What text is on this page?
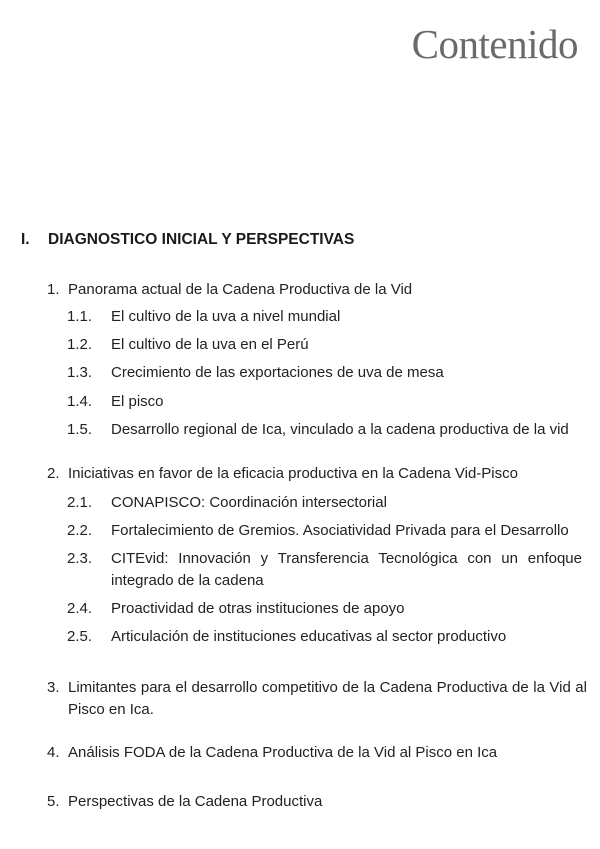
Contenido
I. DIAGNOSTICO INICIAL Y PERSPECTIVAS
1. Panorama actual de la Cadena Productiva de la Vid
1.1.	El cultivo de la uva a nivel mundial
1.2.	El cultivo de la uva en el Perú
1.3.	Crecimiento de las exportaciones de uva de mesa
1.4.	El pisco
1.5.	Desarrollo regional de Ica, vinculado a la cadena productiva de la vid
2. Iniciativas en favor de la eficacia productiva en la Cadena Vid-Pisco
2.1.	CONAPISCO: Coordinación intersectorial
2.2.	Fortalecimiento de Gremios. Asociatividad Privada para el Desarrollo
2.3.	CITEvid: Innovación y Transferencia Tecnológica con un enfoque integrado de la cadena
2.4.	Proactividad de otras instituciones de apoyo
2.5.	Articulación de instituciones educativas al sector productivo
3. Limitantes para el desarrollo competitivo de la Cadena Productiva de la Vid al Pisco en Ica.
4. Análisis FODA de la Cadena Productiva de la Vid al Pisco en Ica
5. Perspectivas de la Cadena Productiva
